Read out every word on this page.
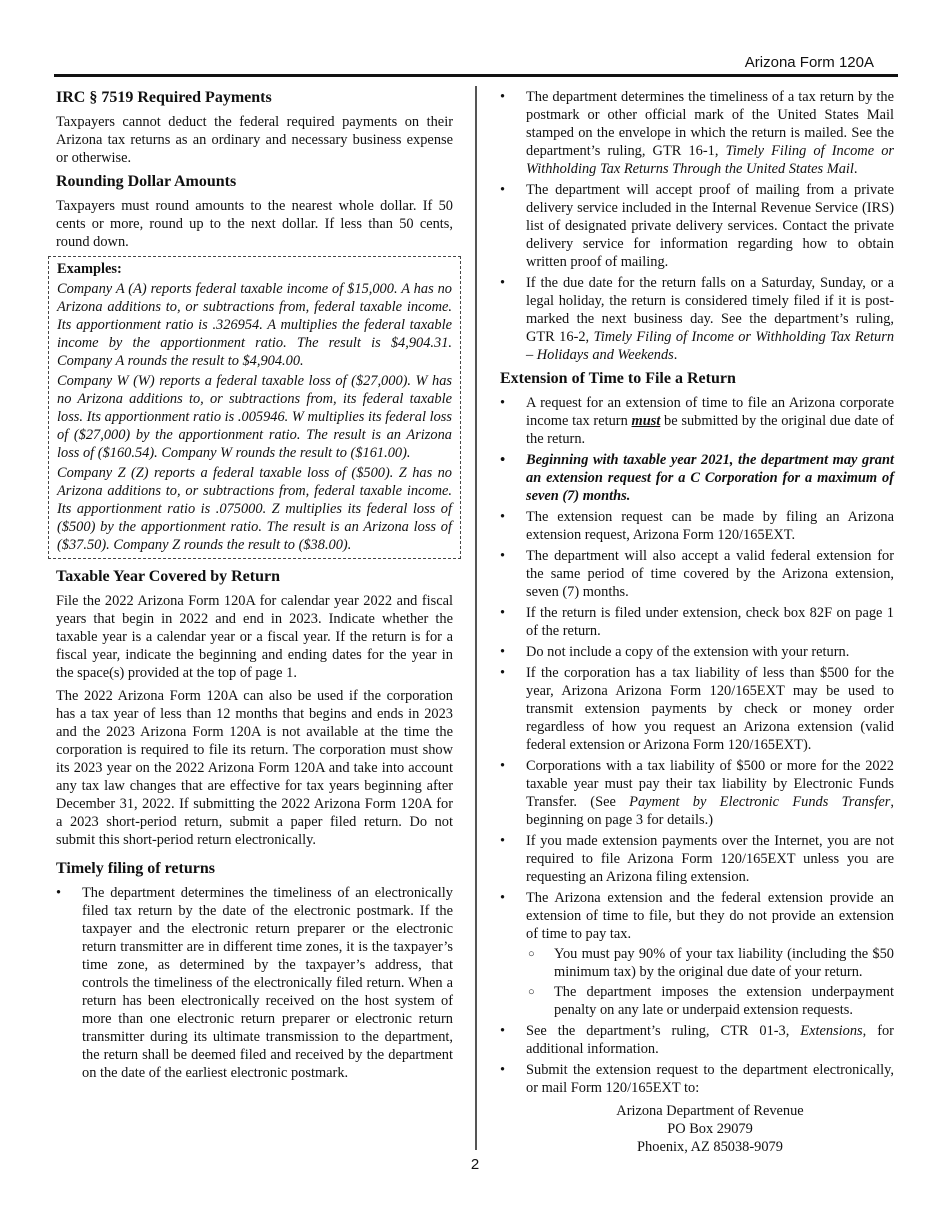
Arizona Form 120A
IRC § 7519 Required Payments

Taxpayers cannot deduct the federal required payments on their Arizona tax returns as an ordinary and necessary business expense or otherwise.

Rounding Dollar Amounts

Taxpayers must round amounts to the nearest whole dollar. If 50 cents or more, round up to the next dollar. If less than 50 cents, round down.

Examples:

Company A (A) reports federal taxable income of $15,000. A has no Arizona additions to, or subtractions from, federal taxable income. Its apportionment ratio is .326954. A multiplies the federal taxable income by the apportionment ratio. The result is $4,904.31. Company A rounds the result to $4,904.00.

Company W (W) reports a federal taxable loss of ($27,000). W has no Arizona additions to, or subtractions from, its federal taxable loss. Its apportionment ratio is .005946. W multiplies its federal loss of ($27,000) by the apportionment ratio. The result is an Arizona loss of ($160.54). Company W rounds the result to ($161.00).

Company Z (Z) reports a federal taxable loss of ($500). Z has no Arizona additions to, or subtractions from, federal taxable income. Its apportionment ratio is .075000. Z multiplies its federal loss of ($500) by the apportionment ratio. The result is an Arizona loss of ($37.50). Company Z rounds the result to ($38.00).

Taxable Year Covered by Return

File the 2022 Arizona Form 120A for calendar year 2022 and fiscal years that begin in 2022 and end in 2023. Indicate whether the taxable year is a calendar year or a fiscal year. If the return is for a fiscal year, indicate the beginning and ending dates for the year in the space(s) provided at the top of page 1.

The 2022 Arizona Form 120A can also be used if the corporation has a tax year of less than 12 months that begins and ends in 2023 and the 2023 Arizona Form 120A is not available at the time the corporation is required to file its return. The corporation must show its 2023 year on the 2022 Arizona Form 120A and take into account any tax law changes that are effective for tax years beginning after December 31, 2022. If submitting the 2022 Arizona Form 120A for a 2023 short-period return, submit a paper filed return. Do not submit this short-period return electronically.

Timely filing of returns
• The department determines the timeliness of an electronically filed tax return by the date of the electronic postmark. If the taxpayer and the electronic return preparer or the electronic return transmitter are in different time zones, it is the taxpayer’s time zone, as determined by the taxpayer’s address, that controls the timeliness of the electronically filed return. When a return has been electronically received on the host system of more than one electronic return preparer or electronic return transmitter during its ultimate transmission to the department, the return shall be deemed filed and received by the department on the date of the earliest electronic postmark.
• The department determines the timeliness of a tax return by the postmark or other official mark of the United States Mail stamped on the envelope in which the return is mailed. See the department’s ruling, GTR 16-1, Timely Filing of Income or Withholding Tax Returns Through the United States Mail.
• The department will accept proof of mailing from a private delivery service included in the Internal Revenue Service (IRS) list of designated private delivery services. Contact the private delivery service for information regarding how to obtain written proof of mailing.
• If the due date for the return falls on a Saturday, Sunday, or a legal holiday, the return is considered timely filed if it is post-marked the next business day. See the department’s ruling, GTR 16-2, Timely Filing of Income or Withholding Tax Return – Holidays and Weekends.
Extension of Time to File a Return
• A request for an extension of time to file an Arizona corporate income tax return must be submitted by the original due date of the return.
• Beginning with taxable year 2021, the department may grant an extension request for a C Corporation for a maximum of seven (7) months.
• The extension request can be made by filing an Arizona extension request, Arizona Form 120/165EXT.
• The department will also accept a valid federal extension for the same period of time covered by the Arizona extension, seven (7) months.
• If the return is filed under extension, check box 82F on page 1 of the return.
• Do not include a copy of the extension with your return.
• If the corporation has a tax liability of less than $500 for the year, Arizona Arizona Form 120/165EXT may be used to transmit extension payments by check or money order regardless of how you request an Arizona extension (valid federal extension or Arizona Form 120/165EXT).
• Corporations with a tax liability of $500 or more for the 2022 taxable year must pay their tax liability by Electronic Funds Transfer. (See Payment by Electronic Funds Transfer, beginning on page 3 for details.)
• If you made extension payments over the Internet, you are not required to file Arizona Form 120/165EXT unless you are requesting an Arizona filing extension.
• The Arizona extension and the federal extension provide an extension of time to file, but they do not provide an extension of time to pay tax.
○ You must pay 90% of your tax liability (including the $50 minimum tax) by the original due date of your return.
○ The department imposes the extension underpayment penalty on any late or underpaid extension requests.
• See the department’s ruling, CTR 01-3, Extensions, for additional information.
• Submit the extension request to the department electronically, or mail Form 120/165EXT to:
Arizona Department of Revenue
PO Box 29079
Phoenix, AZ 85038-9079
2
